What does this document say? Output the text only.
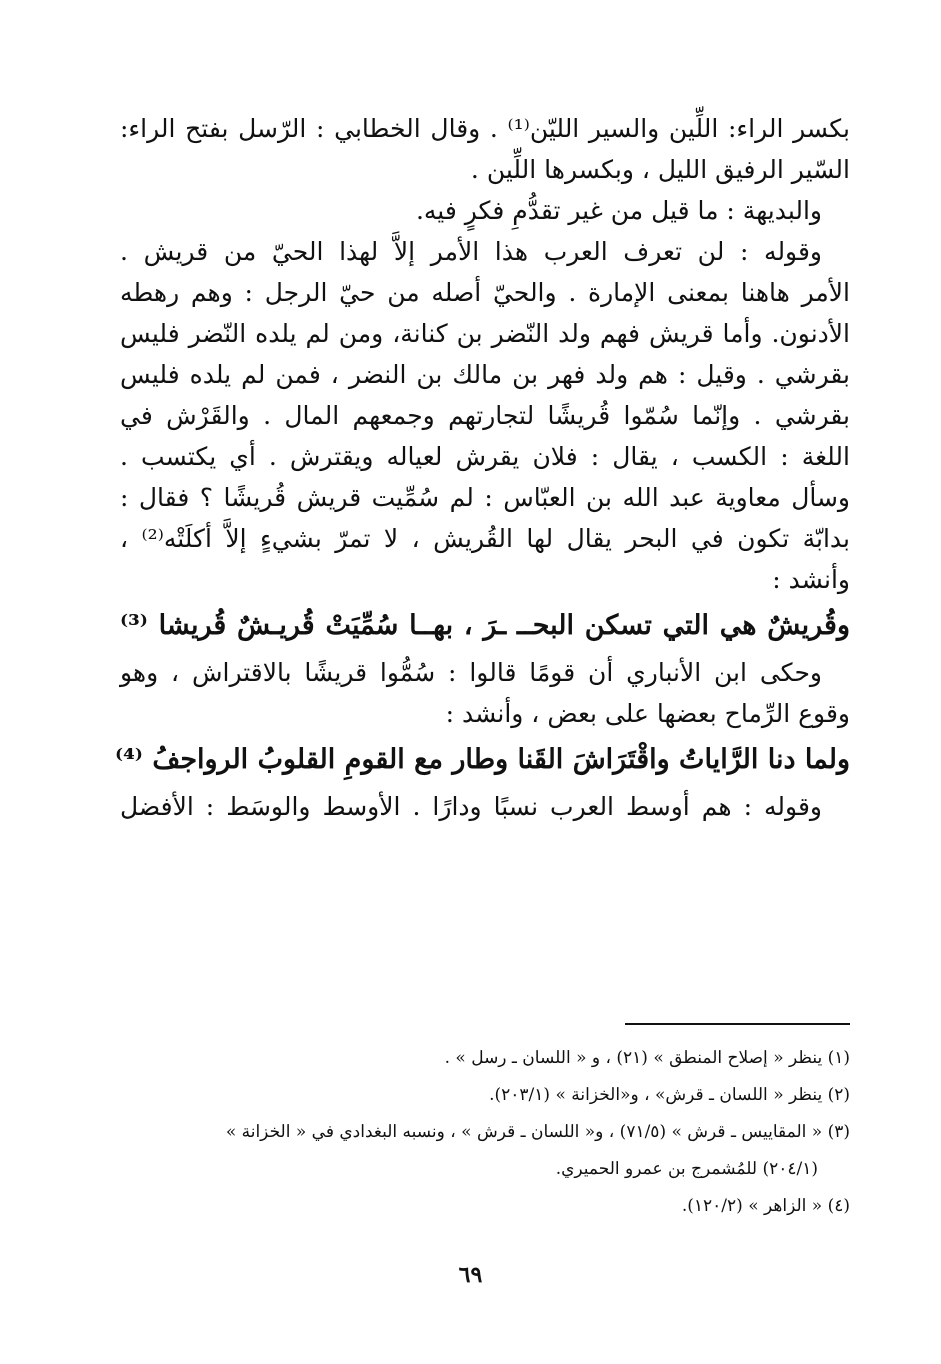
بكسر الراء: اللِّين والسير الليّن⁽¹⁾ . وقال الخطابي : الرّسل بفتح الراء:
السّير الرفيق الليل ، وبكسرها اللِّين .
والبديهة : ما قيل من غير تقدُّمِ فكرٍ فيه.
وقوله : لن تعرف العرب هذا الأمر إلاَّ لهذا الحيّ من قريش .
الأمر هاهنا بمعنى الإمارة . والحيّ أصله من حيّ الرجل : وهم رهطه
الأدنون. وأما قريش فهم ولد النّضر بن كنانة، ومن لم يلده النّضر فليس
بقرشي . وقيل : هم ولد فهر بن مالك بن النضر ، فمن لم يلده فليس
بقرشي . وإنّما سُمّوا قُريشًا لتجارتهم وجمعهم المال . والقَرْش في
اللغة : الكسب ، يقال : فلان يقرش لعياله ويقترش . أي يكتسب .
وسأل معاوية عبد الله بن العبّاس : لم سُمِّيت قريش قُريشًا ؟ فقال :
بدابّة تكون في البحر يقال لها القُريش ، لا تمرّ بشيءٍ إلاَّ أكلَتْه⁽²⁾ ،
وأنشد :
وقُريشٌ هي التي تسكن البحــ ـرَ ، بهــا سُمِّيَتْ قُريـشٌ قُريشا ⁽³⁾
وحكى ابن الأنباري أن قومًا قالوا : سُمُّوا قريشًا بالاقتراش ، وهو
وقوع الرِّماح بعضها على بعض ، وأنشد :
ولما دنا الرَّاياتُ واقْتَرَاشَ القَنا وطار مع القومِ القلوبُ الرواجفُ ⁽⁴⁾
وقوله : هم أوسط العرب نسبًا ودارًا . الأوسط والوسَط : الأفضل
(١) ينظر « إصلاح المنطق » (٢١) ، و « اللسان ـ رسل » .
(٢) ينظر « اللسان ـ قرش» ، و«الخزانة » (٢٠٣/١).
(٣) « المقاييس ـ قرش » (٧١/٥) ، و« اللسان ـ قرش » ، ونسبه البغدادي في « الخزانة »
(٢٠٤/١) للمُشمرج بن عمرو الحميري.
(٤) « الزاهر » (١٢٠/٢).
٦٩
